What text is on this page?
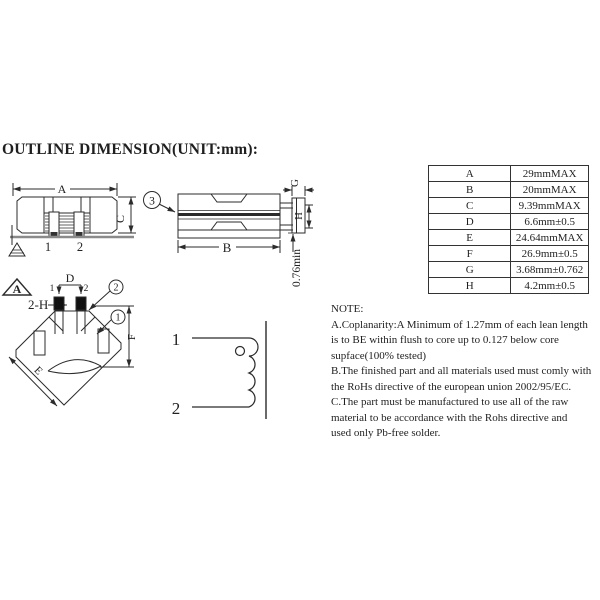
OUTLINE DIMENSION(UNIT:mm):
A
C
1 2
3
B
G
H
0.76min
A
2-H
D
1	2
E
F
2
1
1
2
A	29mmMAX
B	20mmMAX
C	9.39mmMAX
D	6.6mm±0.5
E	24.64mmMAX
F	26.9mm±0.5
G	3.68mm±0.762
H	4.2mm±0.5
NOTE:
A.Coplanarity:A Minimum of 1.27mm of each lean length
is to BE within flush to core up to 0.127 below core
supface(100% tested)
B.The finished part and all materials used must comly with
the RoHs directive of the european union 2002/95/EC.
C.The part must be manufactured to use all of the raw
material to be accordance with the Rohs directive and
used only Pb-free solder.
